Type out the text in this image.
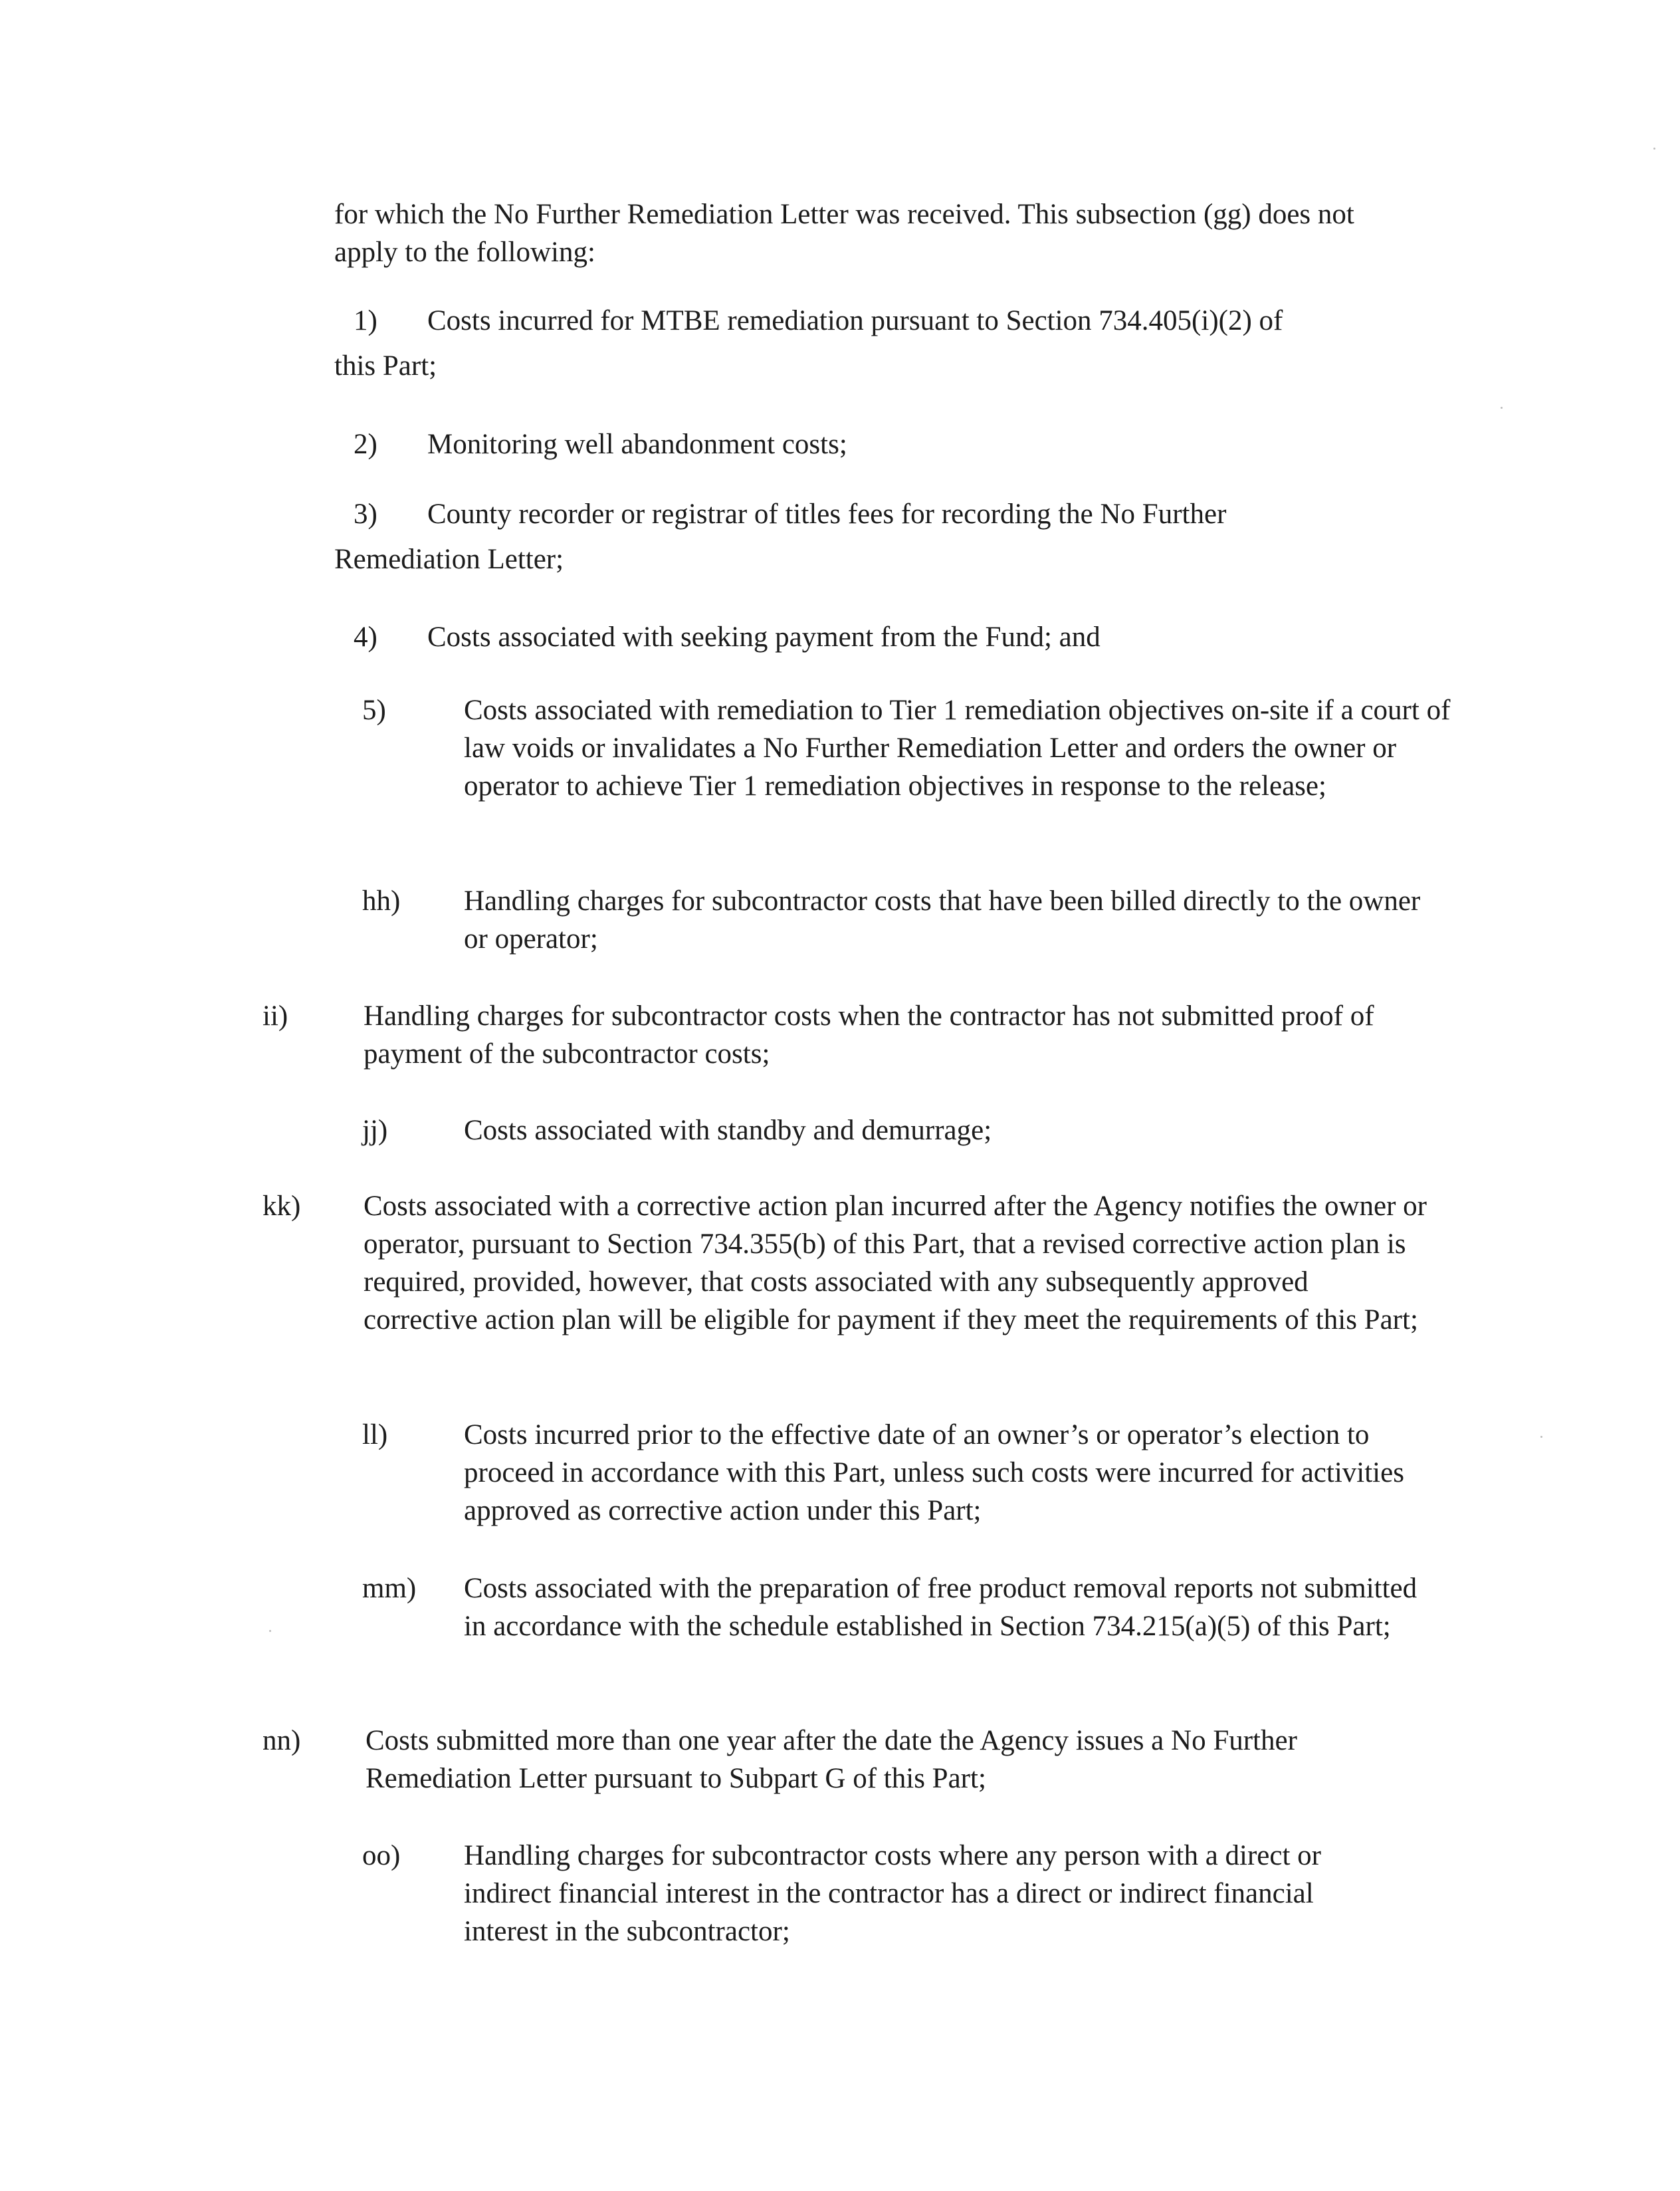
for which the No Further Remediation Letter was received. This subsection (gg) does not apply to the following:
1) Costs incurred for MTBE remediation pursuant to Section 734.405(i)(2) of
this Part;
2) Monitoring well abandonment costs;
3) County recorder or registrar of titles fees for recording the No Further
Remediation Letter;
4) Costs associated with seeking payment from the Fund; and
5)	Costs associated with remediation to Tier 1 remediation objectives on-site if a court of law voids or invalidates a No Further Remediation Letter and orders the owner or operator to achieve Tier 1 remediation objectives in response to the release;
hh) Handling charges for subcontractor costs that have been billed directly to the owner or operator;
ii)	Handling charges for subcontractor costs when the contractor has not submitted proof of payment of the subcontractor costs;
jj)	Costs associated with standby and demurrage;
kk) Costs associated with a corrective action plan incurred after the Agency notifies the owner or operator, pursuant to Section 734.355(b) of this Part, that a revised corrective action plan is required, provided, however, that costs associated with any subsequently approved corrective action plan will be eligible for payment if they meet the requirements of this Part;
ll)	Costs incurred prior to the effective date of an owner’s or operator’s election to proceed in accordance with this Part, unless such costs were incurred for activities approved as corrective action under this Part;
mm) Costs associated with the preparation of free product removal reports not submitted in accordance with the schedule established in Section 734.215(a)(5) of this Part;
nn) Costs submitted more than one year after the date the Agency issues a No Further Remediation Letter pursuant to Subpart G of this Part;
oo) Handling charges for subcontractor costs where any person with a direct or indirect financial interest in the contractor has a direct or indirect financial interest in the subcontractor;
